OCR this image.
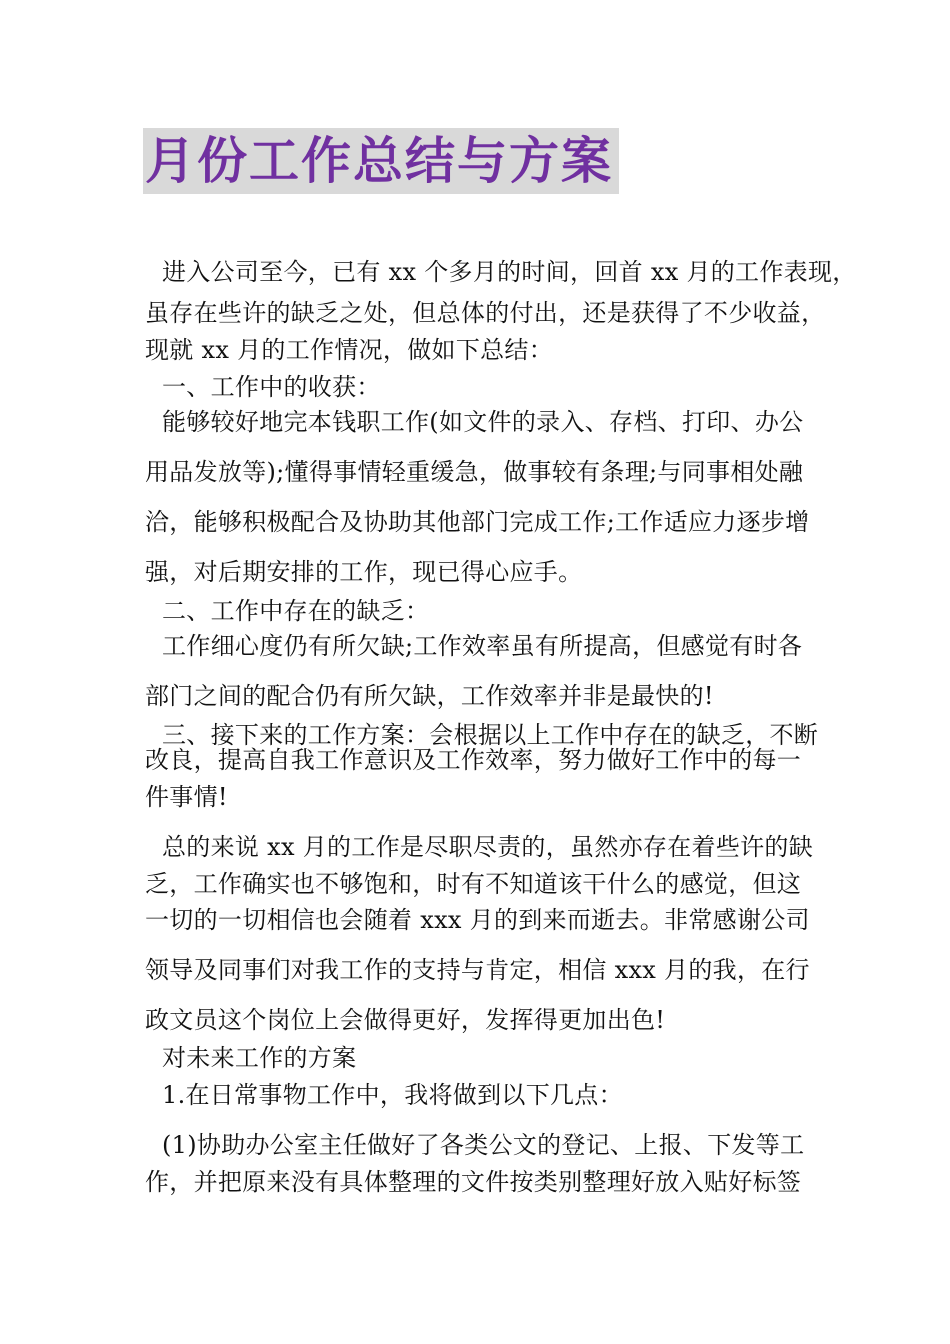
月份工作总结与方案
进入公司至今，已有 xx 个多月的时间，回首 xx 月的工作表现，
虽存在些许的缺乏之处，但总体的付出，还是获得了不少收益，
现就 xx 月的工作情况，做如下总结：
一、工作中的收获：
能够较好地完本钱职工作(如文件的录入、存档、打印、办公
用品发放等);懂得事情轻重缓急，做事较有条理;与同事相处融
洽，能够积极配合及协助其他部门完成工作;工作适应力逐步增
强，对后期安排的工作，现已得心应手。
二、工作中存在的缺乏：
工作细心度仍有所欠缺;工作效率虽有所提高，但感觉有时各
部门之间的配合仍有所欠缺，工作效率并非是最快的!
三、接下来的工作方案：会根据以上工作中存在的缺乏，不断
改良，提高自我工作意识及工作效率，努力做好工作中的每一
件事情!
总的来说 xx 月的工作是尽职尽责的，虽然亦存在着些许的缺
乏，工作确实也不够饱和，时有不知道该干什么的感觉，但这
一切的一切相信也会随着 xxx 月的到来而逝去。非常感谢公司
领导及同事们对我工作的支持与肯定，相信 xxx 月的我，在行
政文员这个岗位上会做得更好，发挥得更加出色!
对未来工作的方案
1.在日常事物工作中，我将做到以下几点：
(1)协助办公室主任做好了各类公文的登记、上报、下发等工
作，并把原来没有具体整理的文件按类别整理好放入贴好标签
